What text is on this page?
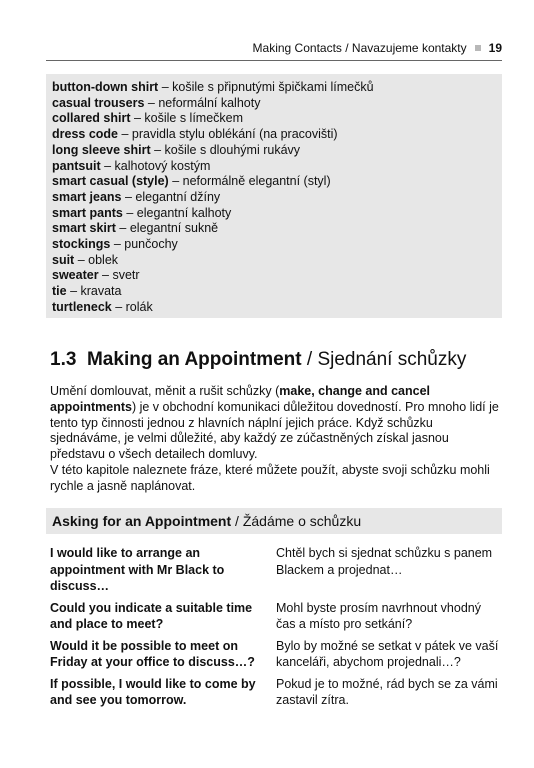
Making Contacts / Navazujeme kontakty 19
button-down shirt – košile s připnutými špičkami límečků
casual trousers – neformální kalhoty
collared shirt – košile s límečkem
dress code – pravidla stylu oblékání (na pracovišti)
long sleeve shirt – košile s dlouhými rukávy
pantsuit – kalhotový kostým
smart casual (style) – neformálně elegantní (styl)
smart jeans – elegantní džíny
smart pants – elegantní kalhoty
smart skirt – elegantní sukně
stockings – punčochy
suit – oblek
sweater – svetr
tie – kravata
turtleneck – rolák
1.3 Making an Appointment / Sjednání schůzky

Umění domlouvat, měnit a rušit schůzky (make, change and cancel appointments) je v obchodní komunikaci důležitou dovedností. Pro mnoho lidí je tento typ činnosti jednou z hlavních náplní jejich práce. Když schůzku sjednáváme, je velmi důležité, aby každý ze zúčastněných získal jasnou představu o všech detailech domluvy.

V této kapitole naleznete fráze, které můžete použít, abyste svoji schůzku mohli rychle a jasně naplánovat.

Asking for an Appointment / Žádáme o schůzku
I would like to arrange an appointment with Mr Black to discuss…
Chtěl bych si sjednat schůzku s panem Blackem a projednat…
Could you indicate a suitable time and place to meet?
Mohl byste prosím navrhnout vhodný čas a místo pro setkání?
Would it be possible to meet on Friday at your office to discuss…?
Bylo by možné se setkat v pátek ve vaší kanceláři, abychom projednali…?
If possible, I would like to come by and see you tomorrow.
Pokud je to možné, rád bych se za vámi zastavil zítra.
